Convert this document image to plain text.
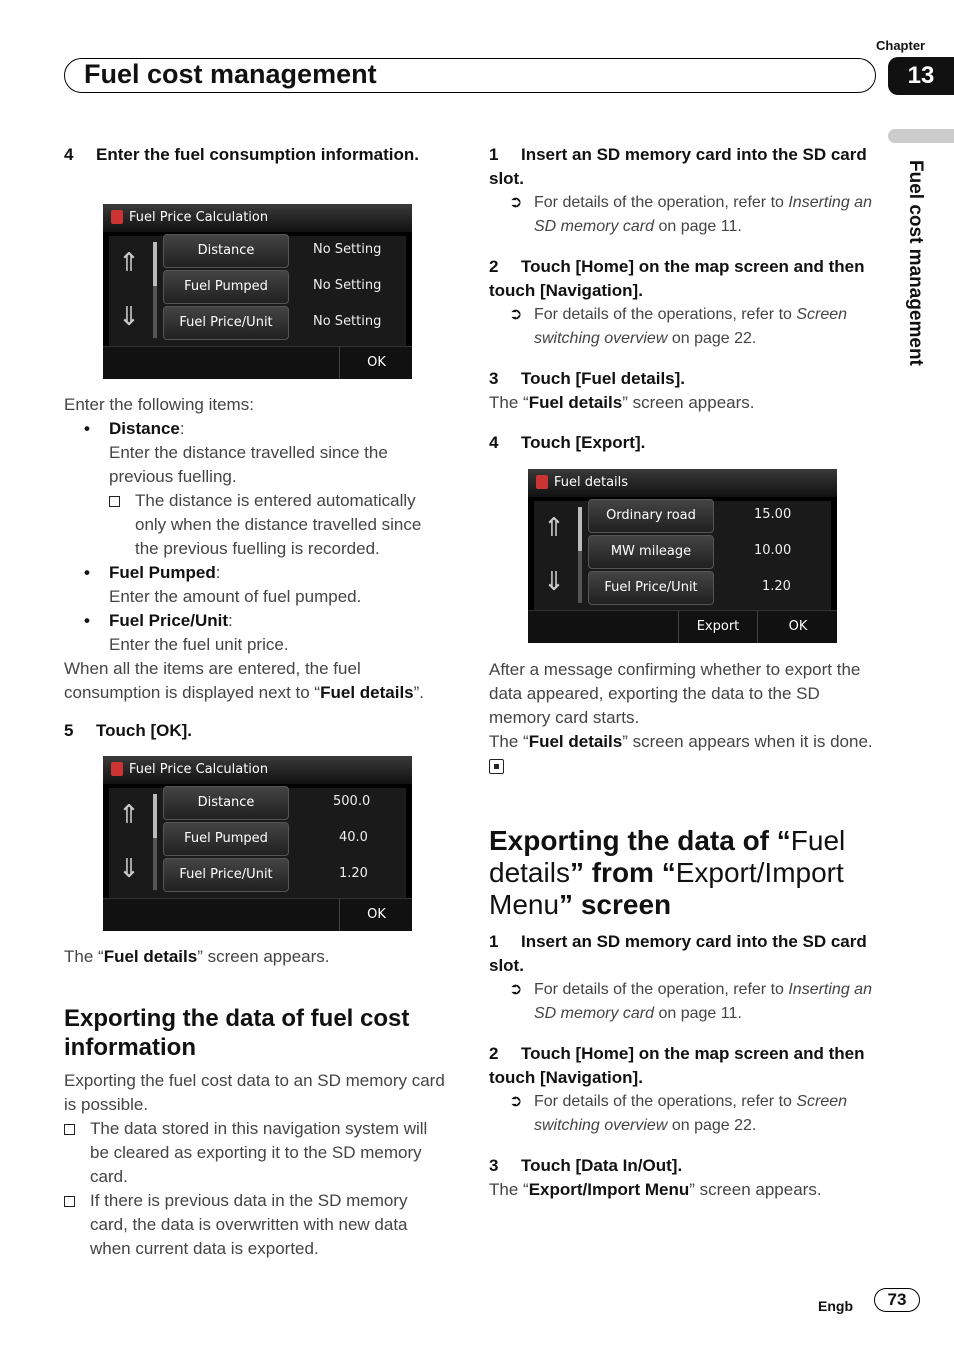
Chapter
Fuel cost management	13
Fuel cost management

4 Enter the fuel consumption information.

Fuel Price Calculation
⇑
⇓
Distance	No Setting
Fuel Pumped	No Setting
Fuel Price/Unit	No Setting
OK

Enter the following items:

• Distance:

Enter the distance travelled since the previous fuelling.

The distance is entered automatically only when the distance travelled since the previous fuelling is recorded.

• Fuel Pumped:

Enter the amount of fuel pumped.

• Fuel Price/Unit:

Enter the fuel unit price.

When all the items are entered, the fuel consumption is displayed next to “Fuel details”.

5 Touch [OK].

Fuel Price Calculation
⇑
⇓
Distance	500.0
Fuel Pumped	40.0
Fuel Price/Unit	1.20
OK

The “Fuel details” screen appears.

Exporting the data of fuel cost information

Exporting the fuel cost data to an SD memory card is possible.

The data stored in this navigation system will be cleared as exporting it to the SD memory card.

If there is previous data in the SD memory card, the data is overwritten with new data when current data is exported.

1 Insert an SD memory card into the SD card slot.

➲ For details of the operation, refer to Inserting an SD memory card on page 11.

2 Touch [Home] on the map screen and then touch [Navigation].

➲ For details of the operations, refer to Screen switching overview on page 22.

3 Touch [Fuel details].

The “Fuel details” screen appears.

4 Touch [Export].

Fuel details
⇑
⇓
Ordinary road	15.00
MW mileage	10.00
Fuel Price/Unit	1.20
Export	OK

After a message confirming whether to export the data appeared, exporting the data to the SD memory card starts.

The “Fuel details” screen appears when it is done.

Exporting the data of “Fuel details” from “Export/Import Menu” screen

1 Insert an SD memory card into the SD card slot.

➲ For details of the operation, refer to Inserting an SD memory card on page 11.

2 Touch [Home] on the map screen and then touch [Navigation].

➲ For details of the operations, refer to Screen switching overview on page 22.

3 Touch [Data In/Out].

The “Export/Import Menu” screen appears.

Engb	73
